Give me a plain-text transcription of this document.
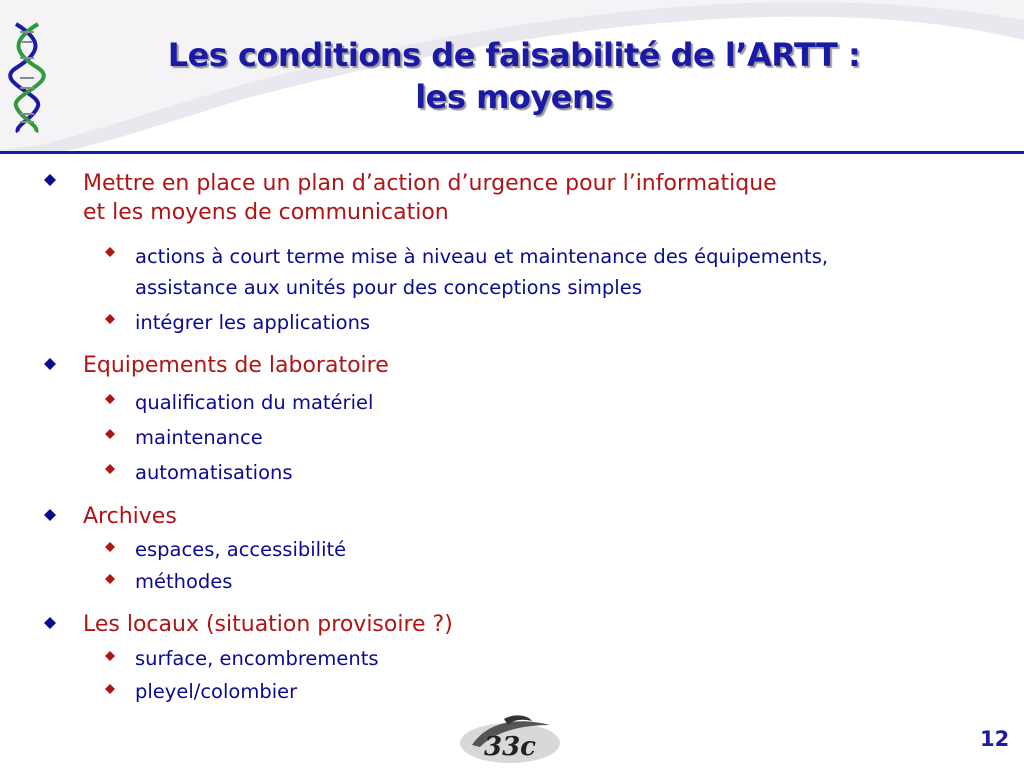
Les conditions de faisabilité de l’ARTT :
les moyens
Mettre en place un plan d’action d’urgence pour l’informatique
et les moyens de communication
actions à court terme mise à niveau et maintenance des équipements,
assistance aux unités pour des conceptions simples
intégrer les applications
Equipements de laboratoire
qualification du matériel
maintenance
automatisations
Archives
espaces, accessibilité
méthodes
Les locaux (situation provisoire ?)
surface, encombrements
pleyel/colombier
33c	12
